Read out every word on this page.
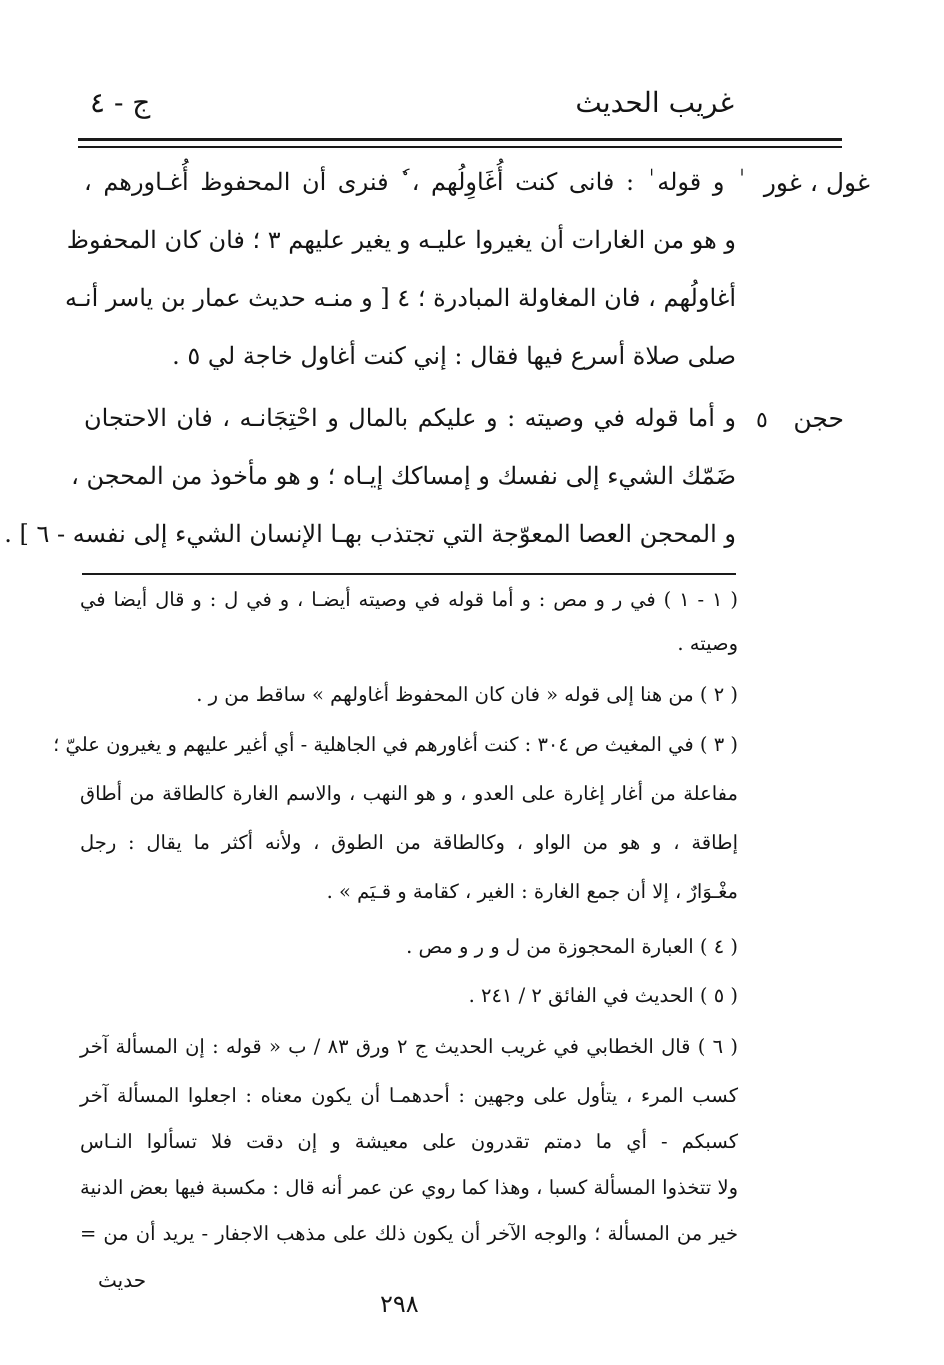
غريب الحديث
ج - ٤
غول ، غور
حجن
٥
ٰ و قوله ٰ : فانی کنت أُغَاوِلُهم ، ٗ فنری أن المحفوظ أُغـاورهم ،
و هو من الغارات أن يغيروا عليـه و يغير عليهم ٣ ؛ فان كان المحفوظ
أغاولُهم ، فان المغاولة المبادرة ؛ ٤ [ و منـه حديث عمار بن ياسر أنـه
صلى صلاة أسرع فيها فقال : إني كنت أغاول خاجة لي ٥ .
و أما قوله في وصيته : و عليكم بالمال و احْتِجَانـه ، فان الاحتجان
ضَمّك الشيء إلى نفسك و إمساكك إيـاه ؛ و هو مأخوذ من المحجن ،
و المحجن العصا المعوّجة التي تجتذب بهـا الإنسان الشيء إلى نفسه - ٦ ] .
( ١ - ١ ) في ر و مص : و أما قوله في وصيته أيضـا ، و في ل : و قال أيضا في
وصيته .
( ٢ ) من هنا إلى قوله « فان كان المحفوظ أغاولهم » ساقط من ر .
( ٣ ) في المغيث ص ٣٠٤ : كنت أغاورهم في الجاهلية - أي أغير عليهم و يغيرون عليّ ؛
مفاعلة من أغار إغارة على العدو ، و هو النهب ، والاسم الغارة كالطاقة من أطاق
إطاقة ، و هو من الواو ، وكالطاقة من الطوق ، ولأنه أكثر ما يقال : رجل
مغْـوَارٌ ، إلا أن جمع الغارة : الغير ، كقامة و قـيَم » .
( ٤ ) العبارة المحجوزة من ل و ر و مص .
( ٥ ) الحديث في الفائق ٢ / ٢٤١ .
( ٦ ) قال الخطابي في غريب الحديث ج ٢ ورق ٨٣ / ب « قوله : إن المسألة آخر
كسب المرء ، يتأول على وجهين : أحدهمـا أن يكون معناه : اجعلوا المسألة آخر
كسبكم - أي ما دمتم تقدرون على معيشة و إن دقت فلا تسألوا النـاس
ولا تتخذوا المسألة كسبا ، وهذا كما روي عن عمر أنه قال : مكسبة فيها بعض الدنية
خير من المسألة ؛ والوجه الآخر أن يكون ذلك على مذهب الاجفار - يريد أن من =
حديث
٢٩٨
